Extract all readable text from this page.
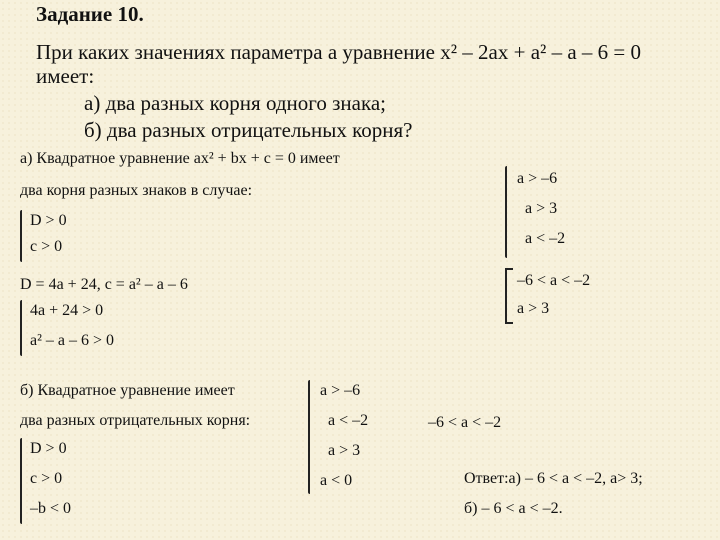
Задание 10.
При каких значениях параметра a уравнение x² – 2ax + a² – a – 6 = 0
имеет:
а) два разных корня одного знака;
б) два разных отрицательных корня?
а) Квадратное уравнение ax² + bx + c = 0 имеет
два корня разных знаков в случае:
D > 0
c > 0
D = 4a + 24, c = a² – a – 6
4a + 24 > 0
a² – a – 6 > 0
a > –6
a > 3
a < –2
–6 < a < –2
a > 3
б) Квадратное уравнение имеет
два разных отрицательных корня:
D > 0
c > 0
–b < 0
a > –6
a < –2
a > 3
a < 0
–6 < a < –2
Ответ:а) – 6 < a < –2, a> 3;
б) – 6 < a < –2.
